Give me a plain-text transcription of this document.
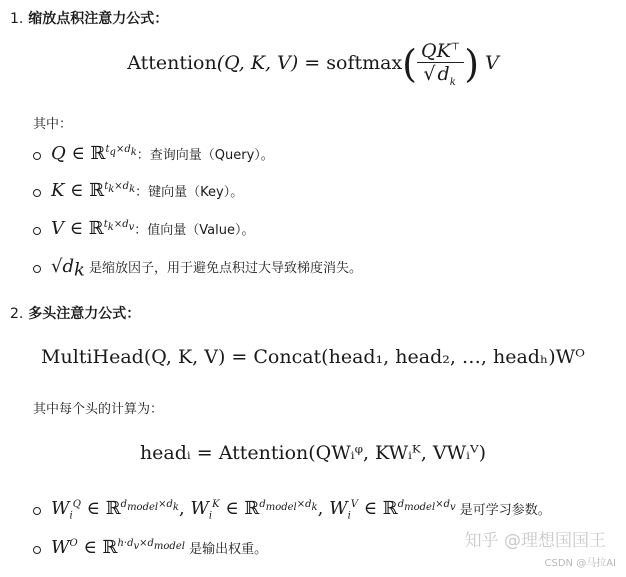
1. 缩放点积注意力公式：
Attention(Q, K, V) = softmax( $\frac{QK^⊤}{√ d_k}$ ) V
其中：
Q ∈ ℝ$^{t_q\times d_k}$：查询向量（Query）。
K ∈ ℝ$^{t_k\times d_k}$：键向量（Key）。
V ∈ ℝ$^{t_k\times d_v}$：值向量（Value）。
$√d_k$ 是缩放因子，用于避免点积过大导致梯度消失。
2. 多头注意力公式：
MultiHead(Q, K, V) = Concat(head₁, head₂, …, headₕ)Wᴼ
其中每个头的计算为：
headᵢ = Attention(QWᵢᵠ, KWᵢᴷ, VWᵢⱽ)
$W_i^Q$ ∈ ℝ$^{d_{model}\times d_k}$, $W_i^K$ ∈ ℝ$^{d_{model}\times d_k}$, $W_i^V$ ∈ ℝ$^{d_{model}\times d_v}$ 是可学习参数。
$W^O$ ∈ ℝ$^{h\cdot d_v\times d_{model}}$ 是输出权重。	知乎 @理想国国王
CSDN @马拉AI
